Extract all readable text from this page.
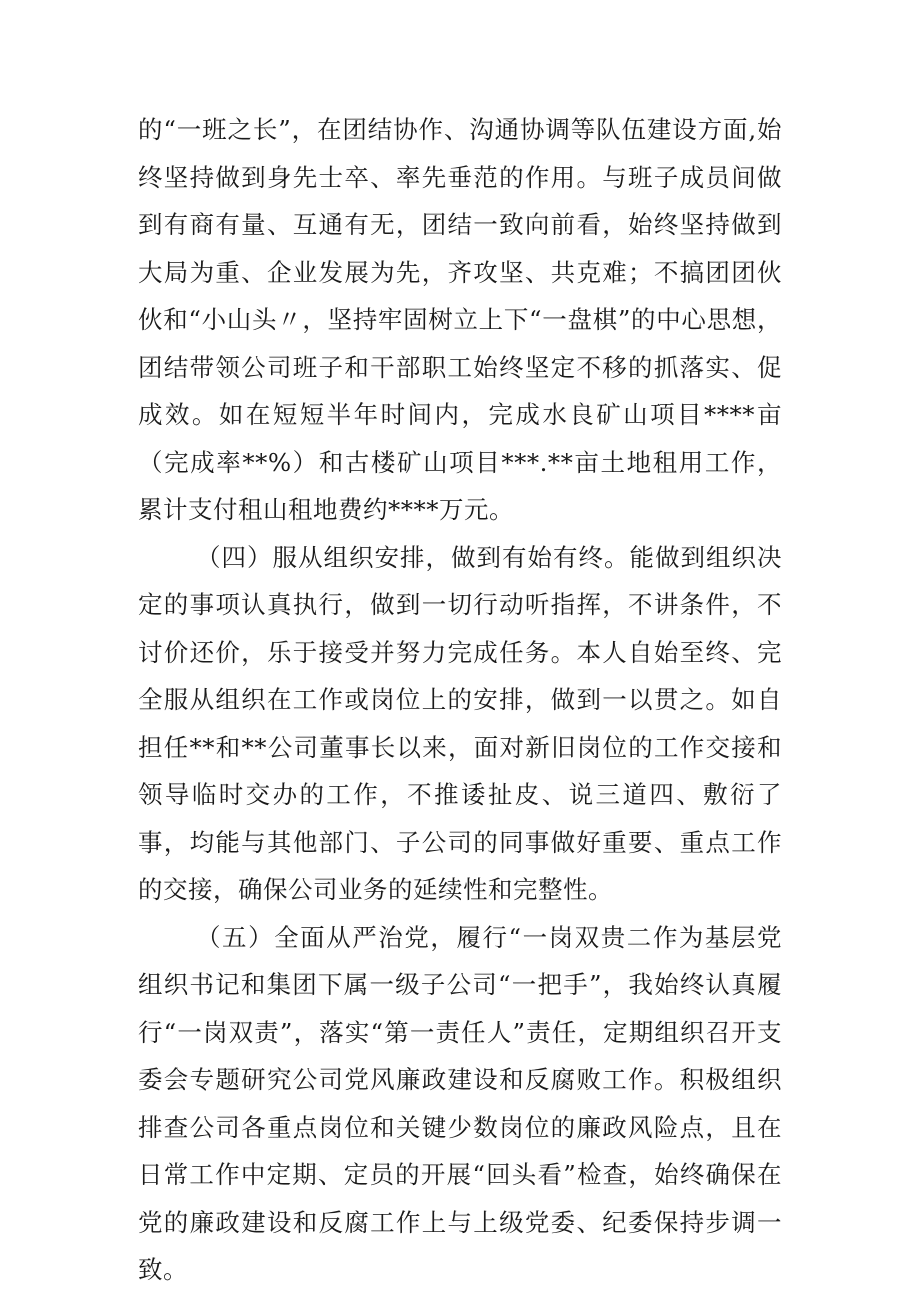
的“一班之长”，在团结协作、沟通协调等队伍建设方面,始终坚持做到身先士卒、率先垂范的作用。与班子成员间做到有商有量、互通有无，团结一致向前看，始终坚持做到大局为重、企业发展为先，齐攻坚、共克难；不搞团团伙伙和“小山头〃，坚持牢固树立上下“一盘棋”的中心思想，团结带领公司班子和干部职工始终坚定不移的抓落实、促成效。如在短短半年时间内，完成水良矿山项目****亩（完成率**%）和古楼矿山项目***.**亩土地租用工作，累计支付租山租地费约****万元。

（四）服从组织安排，做到有始有终。能做到组织决定的事项认真执行，做到一切行动听指挥，不讲条件，不讨价还价，乐于接受并努力完成任务。本人自始至终、完全服从组织在工作或岗位上的安排，做到一以贯之。如自担任**和**公司董事长以来，面对新旧岗位的工作交接和领导临时交办的工作，不推诿扯皮、说三道四、敷衍了事，均能与其他部门、子公司的同事做好重要、重点工作的交接，确保公司业务的延续性和完整性。

（五）全面从严治党，履行“一岗双贵二作为基层党组织书记和集团下属一级子公司“一把手”，我始终认真履行“一岗双责”，落实“第一责任人”责任，定期组织召开支委会专题研究公司党风廉政建设和反腐败工作。积极组织排查公司各重点岗位和关键少数岗位的廉政风险点，且在日常工作中定期、定员的开展“回头看”检查，始终确保在党的廉政建设和反腐工作上与上级党委、纪委保持步调一致。
